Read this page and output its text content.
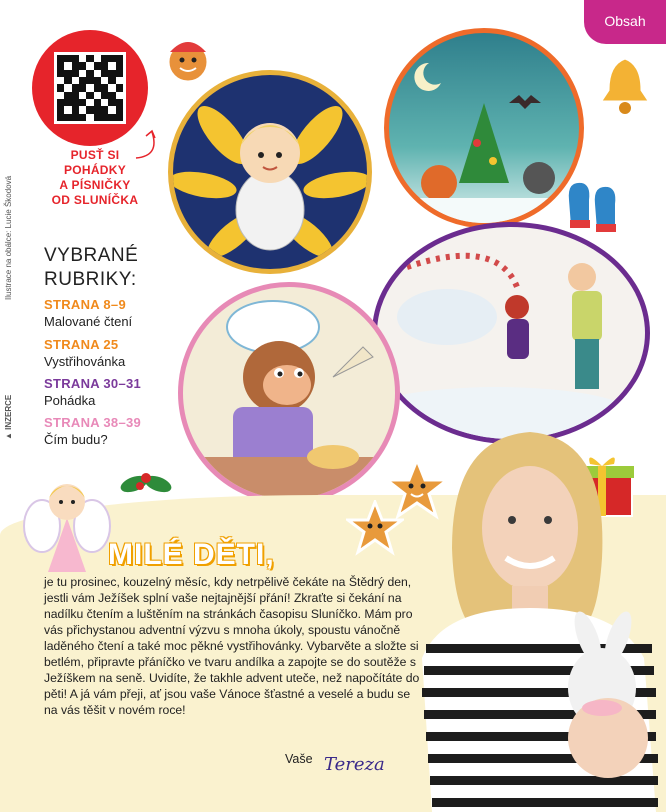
Obsah
Ilustrace na obálce: Lucie Škodová
▲ INZERCE
PUSŤ SI
POHÁDKY
A PÍSNIČKY
OD SLUNÍČKA
VYBRANÉ
RUBRIKY:
STRANA 8–9
Malované čtení
STRANA 25
Vystřihovánka
STRANA 30–31
Pohádka
STRANA 38–39
Čím budu?
MILÉ DĚTI,
je tu prosinec, kouzelný měsíc, kdy netrpělivě čekáte na Štědrý den, jestli vám Ježíšek splní vaše nejtajnější přání! Zkraťte si čekání na nadílku čtením a luštěním na stránkách časopisu Sluníčko. Mám pro vás přichystanou adventní výzvu s mnoha úkoly, spoustu vánočně laděného čtení a také moc pěkné vystřihovánky. Vybarvěte a složte si betlém, připravte přáníčko ve tvaru andílka a zapojte se do soutěže s Ježíškem na seně. Uvidíte, že takhle advent uteče, než napočítáte do pěti! A já vám přeji, ať jsou vaše Vánoce šťastné a veselé a budu se na vás těšit v novém roce!
Vaše Tereza
